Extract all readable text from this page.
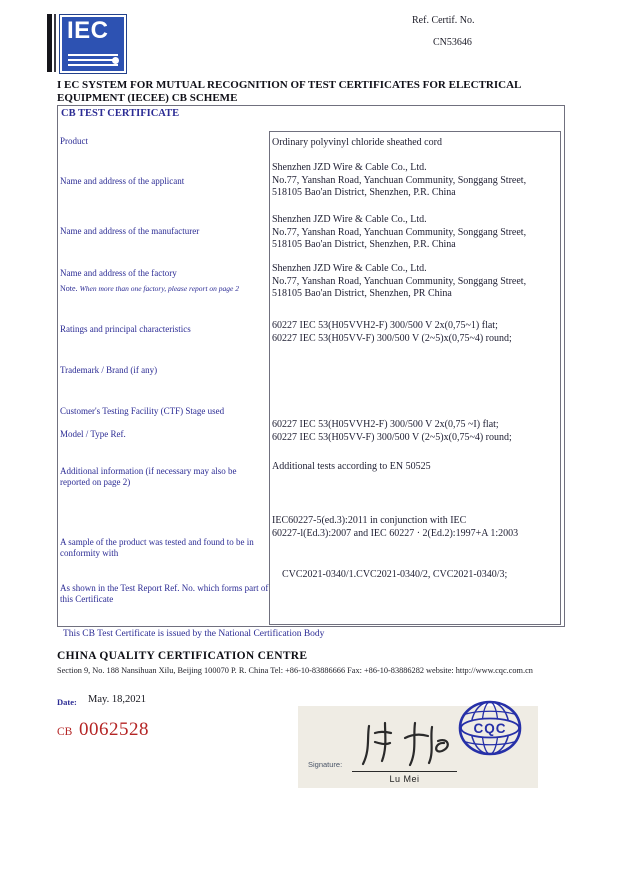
IEC	Ref. Certif. No.
CN53646
I EC SYSTEM FOR MUTUAL RECOGNITION OF TEST CERTIFICATES FOR ELECTRICAL EQUIPMENT (IECEE) CB SCHEME
CB TEST CERTIFICATE
Product	Ordinary polyvinyl chloride sheathed cord
Shenzhen JZD Wire & Cable Co., Ltd.
No.77, Yanshan Road, Yanchuan Community, Songgang Street,
518105 Bao'an District, Shenzhen, P.R. China
Name and address of the applicant
Shenzhen JZD Wire & Cable Co., Ltd.
No.77, Yanshan Road, Yanchuan Community, Songgang Street,
518105 Bao'an District, Shenzhen, P.R. China
Name and address of the manufacturer
Shenzhen JZD Wire & Cable Co., Ltd.
No.77, Yanshan Road, Yanchuan Community, Songgang Street,
518105 Bao'an District, Shenzhen, PR China
Name and address of the factory
Note. When more than one factory, please report on page 2
60227 IEC 53(H05VVH2-F) 300/500 V 2x(0,75~1) flat;
60227 IEC 53(H05VV-F) 300/500 V (2~5)x(0,75~4) round;
Ratings and principal characteristics
Trademark / Brand (if any)
Customer's Testing Facility (CTF) Stage used
60227 IEC 53(H05VVH2-F) 300/500 V 2x(0,75 ~I) flat;
60227 IEC 53(H05VV-F) 300/500 V (2~5)x(0,75~4) round;
Model / Type Ref.
Additional tests according to EN 50525
Additional information (if necessary may also be reported on page 2)
IEC60227-5(ed.3):2011 in conjunction with IEC
60227-l(Ed.3):2007 and IEC 60227 · 2(Ed.2):1997+A 1:2003
A sample of the product was tested and found to be in conformity with
CVC2021-0340/1.CVC2021-0340/2, CVC2021-0340/3;
As shown in the Test Report Ref. No. which forms part of this Certificate
This CB Test Certificate is issued by the National Certification Body
CHINA QUALITY CERTIFICATION CENTRE
Section 9, No. 188 Nansihuan Xilu, Beijing 100070 P. R. China Tel: +86-10-83886666 Fax: +86-10-83886282 website: http://www.cqc.com.cn
Date: May. 18,2021
CB 0062528
Signature:
Lu Mei
CQC
